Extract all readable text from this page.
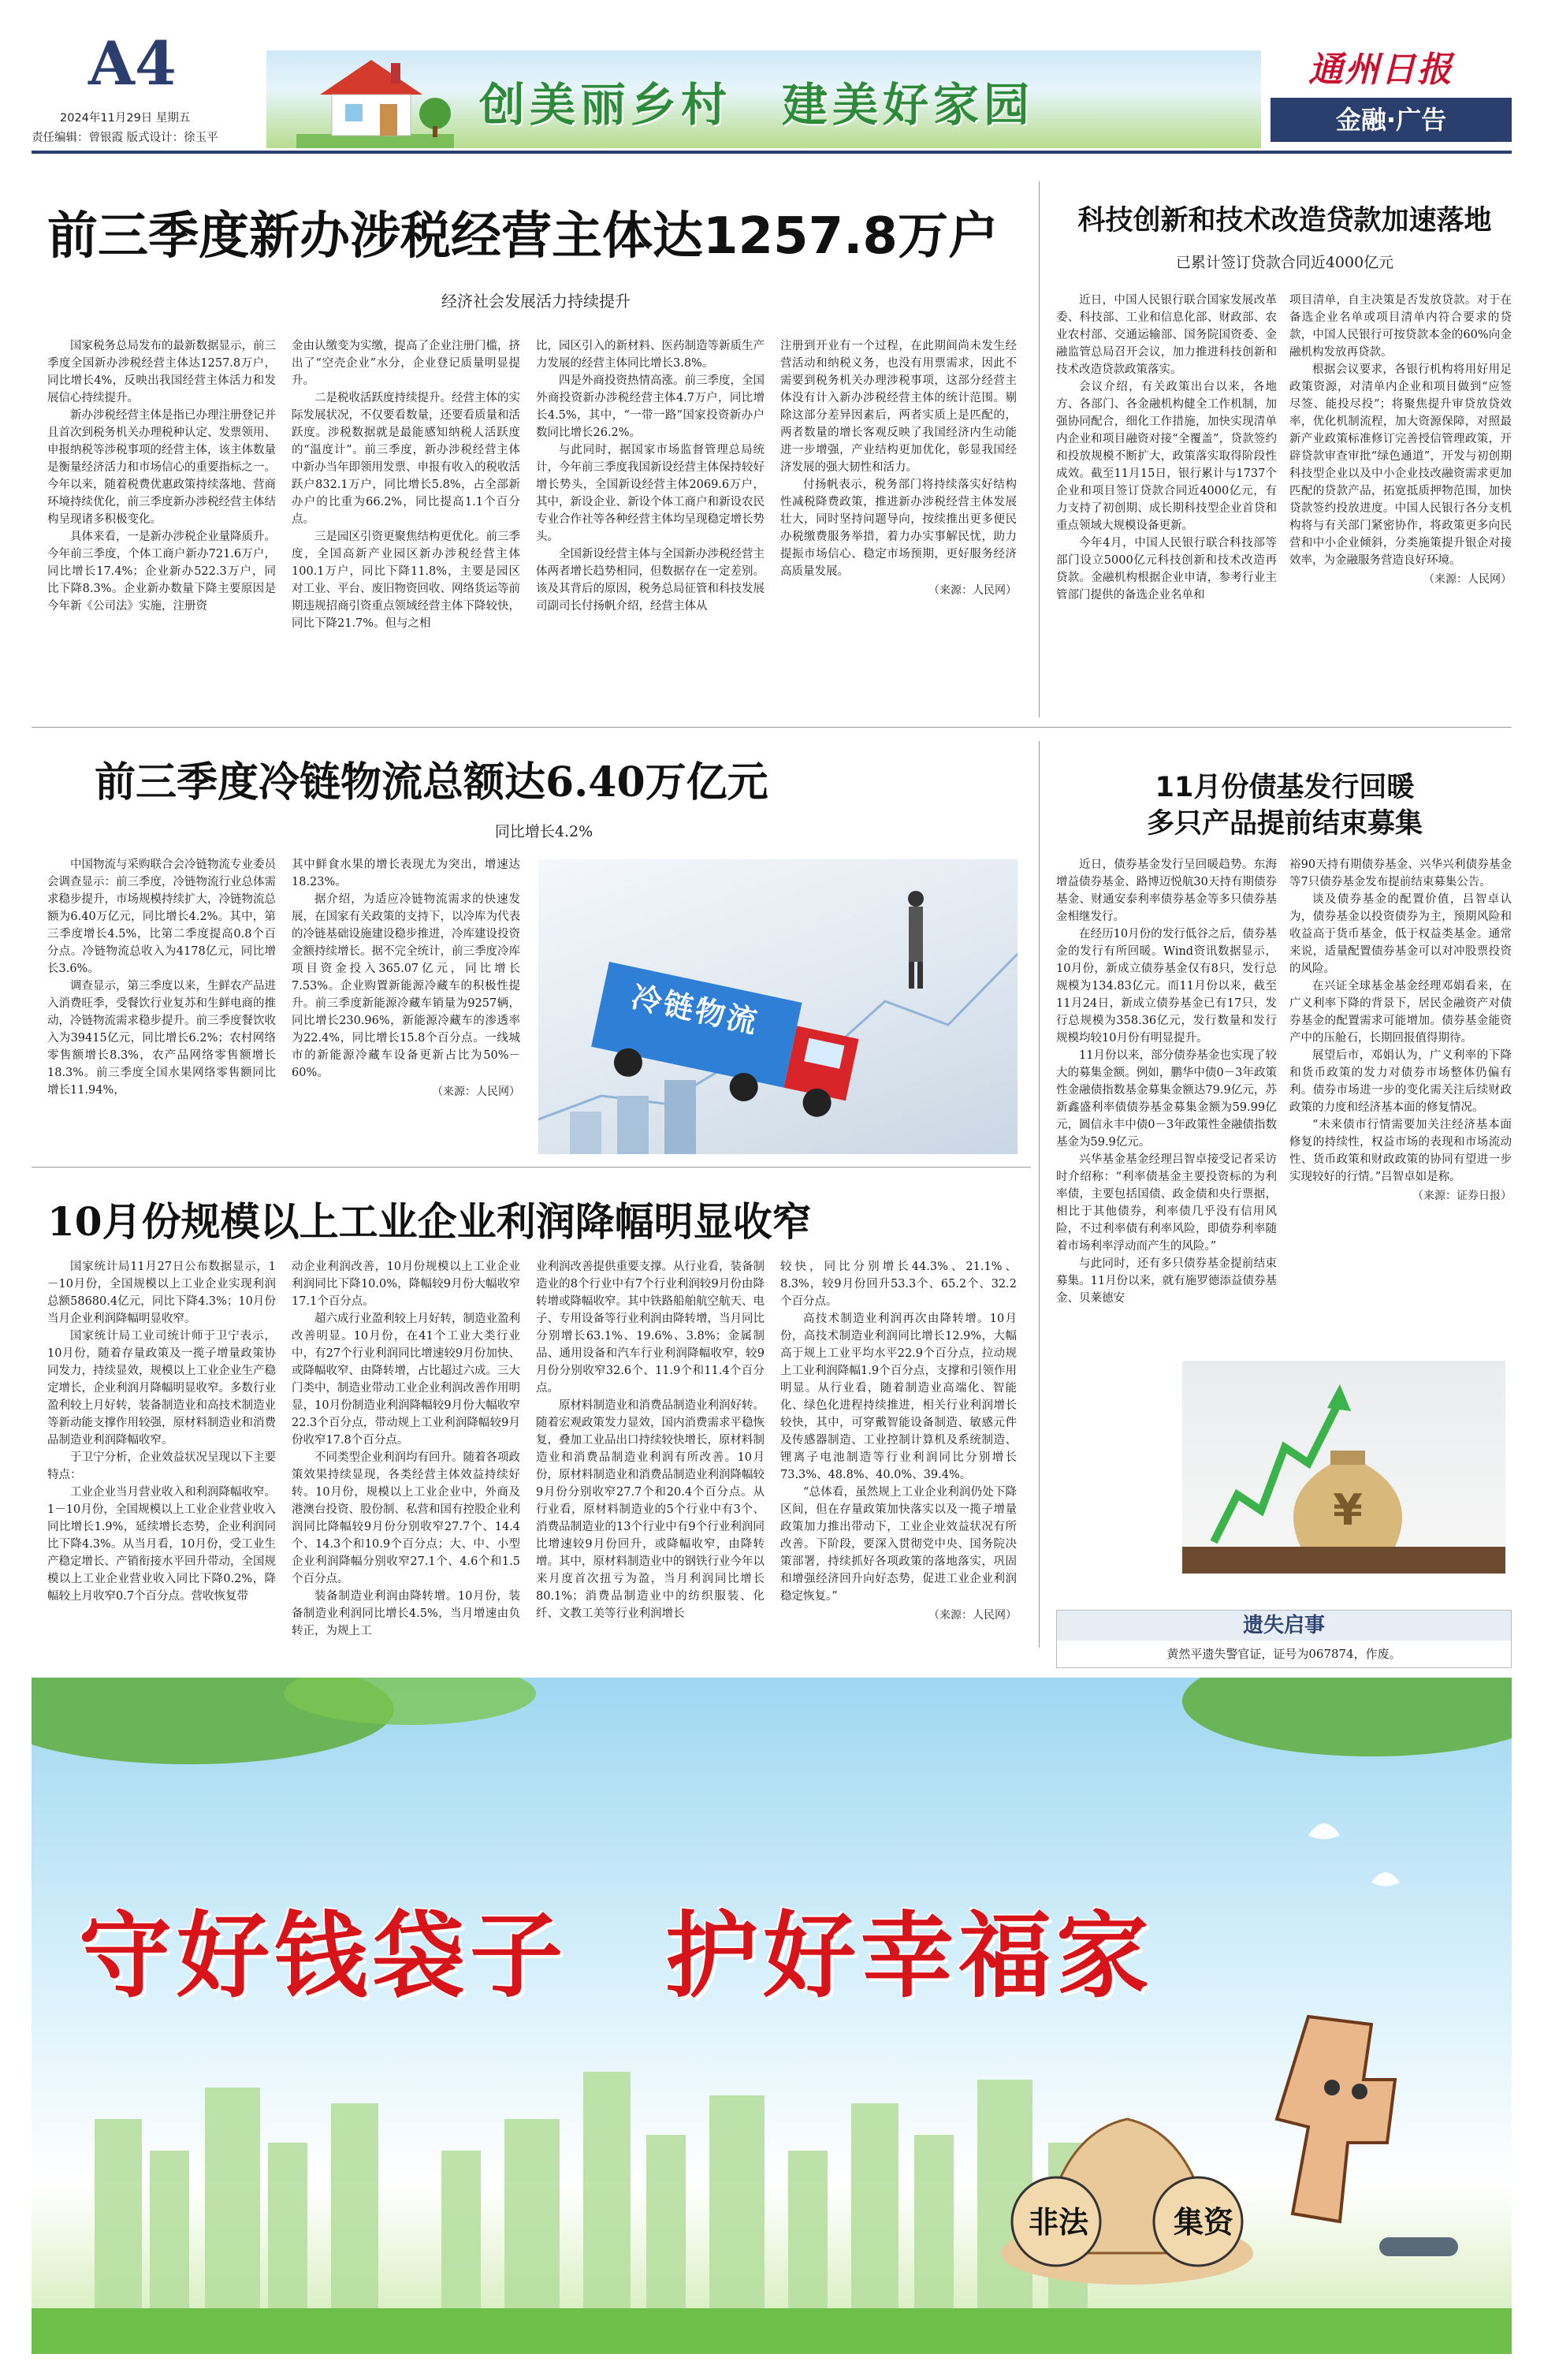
A4
2024年11月29日 星期五
责任编辑：曾银霞 版式设计：徐玉平
创美丽乡村　建美好家园
通州日报
金融·广告
前三季度新办涉税经营主体达1257.8万户
经济社会发展活力持续提升

国家税务总局发布的最新数据显示，前三季度全国新办涉税经营主体达1257.8万户，同比增长4%，反映出我国经营主体活力和发展信心持续提升。

新办涉税经营主体是指已办理注册登记并且首次到税务机关办理税种认定、发票领用、申报纳税等涉税事项的经营主体，该主体数量是衡量经济活力和市场信心的重要指标之一。今年以来，随着税费优惠政策持续落地、营商环境持续优化，前三季度新办涉税经营主体结构呈现诸多积极变化。

具体来看，一是新办涉税企业量降质升。今年前三季度，个体工商户新办721.6万户，同比增长17.4%；企业新办522.3万户，同比下降8.3%。企业新办数量下降主要原因是今年新《公司法》实施，注册资

金由认缴变为实缴，提高了企业注册门槛，挤出了“空壳企业”水分，企业登记质量明显提升。

二是税收活跃度持续提升。经营主体的实际发展状况，不仅要看数量，还要看质量和活跃度。涉税数据就是最能感知纳税人活跃度的“温度计”。前三季度，新办涉税经营主体中新办当年即领用发票、申报有收入的税收活跃户832.1万户，同比增长5.8%，占全部新办户的比重为66.2%，同比提高1.1个百分点。

三是园区引资更聚焦结构更优化。前三季度，全国高新产业园区新办涉税经营主体100.1万户，同比下降11.8%，主要是园区对工业、平台、废旧物资回收、网络货运等前期违规招商引资重点领域经营主体下降较快，同比下降21.7%。但与之相

比，园区引入的新材料、医药制造等新质生产力发展的经营主体同比增长3.8%。

四是外商投资热情高涨。前三季度，全国外商投资新办涉税经营主体4.7万户，同比增长4.5%，其中，“一带一路”国家投资新办户数同比增长26.2%。

与此同时，据国家市场监督管理总局统计，今年前三季度我国新设经营主体保持较好增长势头，全国新设经营主体2069.6万户，其中，新设企业、新设个体工商户和新设农民专业合作社等各种经营主体均呈现稳定增长势头。

全国新设经营主体与全国新办涉税经营主体两者增长趋势相同，但数据存在一定差别。该及其背后的原因，税务总局征管和科技发展司副司长付扬帆介绍，经营主体从

注册到开业有一个过程，在此期间尚未发生经营活动和纳税义务，也没有用票需求，因此不需要到税务机关办理涉税事项，这部分经营主体没有计入新办涉税经营主体的统计范围。剔除这部分差异因素后，两者实质上是匹配的，两者数量的增长客观反映了我国经济内生动能进一步增强，产业结构更加优化，彰显我国经济发展的强大韧性和活力。

付扬帆表示，税务部门将持续落实好结构性减税降费政策，推进新办涉税经营主体发展壮大，同时坚持问题导向，按续推出更多便民办税缴费服务举措，着力办实事解民忧，助力提振市场信心、稳定市场预期，更好服务经济高质量发展。

（来源：人民网）
科技创新和技术改造贷款加速落地
已累计签订贷款合同近4000亿元

近日，中国人民银行联合国家发展改革委、科技部、工业和信息化部、财政部、农业农村部、交通运输部、国务院国资委、金融监管总局召开会议，加力推进科技创新和技术改造贷款政策落实。

会议介绍，有关政策出台以来，各地方、各部门、各金融机构健全工作机制，加强协同配合，细化工作措施，加快实现清单内企业和项目融资对接“全覆盖”，贷款签约和投放规模不断扩大，政策落实取得阶段性成效。截至11月15日，银行累计与1737个企业和项目签订贷款合同近4000亿元，有力支持了初创期、成长期科技型企业首贷和重点领域大规模设备更新。

今年4月，中国人民银行联合科技部等部门设立5000亿元科技创新和技术改造再贷款。金融机构根据企业申请，参考行业主管部门提供的备选企业名单和

项目清单，自主决策是否发放贷款。对于在备选企业名单或项目清单内符合要求的贷款，中国人民银行可按贷款本金的60%向金融机构发放再贷款。

根据会议要求，各银行机构将用好用足政策资源，对清单内企业和项目做到“应签尽签、能投尽投”；将聚焦提升审贷放贷效率，优化机制流程，加大资源保障，对照最新产业政策标准修订完善授信管理政策，开辟贷款审查审批“绿色通道”，开发与初创期科技型企业以及中小企业技改融资需求更加匹配的贷款产品，拓宽抵质押物范围，加快贷款签约投放进度。中国人民银行各分支机构将与有关部门紧密协作，将政策更多向民营和中小企业倾斜，分类施策提升银企对接效率，为金融服务营造良好环境。

（来源：人民网）
前三季度冷链物流总额达6.40万亿元
同比增长4.2%

中国物流与采购联合会冷链物流专业委员会调查显示：前三季度，冷链物流行业总体需求稳步提升，市场规模持续扩大，冷链物流总额为6.40万亿元，同比增长4.2%。其中，第三季度增长4.5%，比第二季度提高0.8个百分点。冷链物流总收入为4178亿元，同比增长3.6%。

调查显示，第三季度以来，生鲜农产品进入消费旺季，受餐饮行业复苏和生鲜电商的推动，冷链物流需求稳步提升。前三季度餐饮收入为39415亿元，同比增长6.2%；农村网络零售额增长8.3%，农产品网络零售额增长18.3%。前三季度全国水果网络零售额同比增长11.94%，

其中鲜食水果的增长表现尤为突出，增速达18.23%。

据介绍，为适应冷链物流需求的快速发展，在国家有关政策的支持下，以冷库为代表的冷链基础设施建设稳步推进，冷库建设投资金额持续增长。据不完全统计，前三季度冷库项目资金投入365.07亿元，同比增长7.53%。企业购置新能源冷藏车的积极性提升。前三季度新能源冷藏车销量为9257辆，同比增长230.96%，新能源冷藏车的渗透率为22.4%，同比增长15.8个百分点。一线城市的新能源冷藏车设备更新占比为50%－60%。

（来源：人民网）
冷链物流
11月份债基发行回暖
多只产品提前结束募集

近日，债券基金发行呈回暖趋势。东海增益债券基金、路博迈悦航30天持有期债券基金、财通安泰利率债券基金等多只债券基金相继发行。

在经历10月份的发行低谷之后，债券基金的发行有所回暖。Wind资讯数据显示，10月份，新成立债券基金仅有8只，发行总规模为134.83亿元。而11月份以来，截至11月24日，新成立债券基金已有17只，发行总规模为358.36亿元，发行数量和发行规模均较10月份有明显提升。

11月份以来，部分债券基金也实现了较大的募集金额。例如，鹏华中债0－3年政策性金融债指数基金募集金额达79.9亿元，苏新鑫盛利率债债券基金募集金额为59.99亿元，圆信永丰中债0－3年政策性金融债指数基金为59.9亿元。

兴华基金基金经理吕智卓接受记者采访时介绍称：“利率债基金主要投资标的为利率债，主要包括国债、政金债和央行票据，相比于其他债券，利率债几乎没有信用风险，不过利率债有利率风险，即债券利率随着市场利率浮动而产生的风险。”

与此同时，还有多只债券基金提前结束募集。11月份以来，就有施罗德添益债券基金、贝莱德安

裕90天持有期债券基金、兴华兴利债券基金等7只债券基金发布提前结束募集公告。

谈及债券基金的配置价值，吕智卓认为，债券基金以投资债券为主，预期风险和收益高于货币基金，低于权益类基金。通常来说，适量配置债券基金可以对冲股票投资的风险。

在兴证全球基金基金经理邓娟看来，在广义利率下降的背景下，居民金融资产对债券基金的配置需求可能增加。债券基金能资产中的压舱石，长期回报值得期待。

展望后市，邓娟认为，广义利率的下降和货币政策的发力对债券市场整体仍偏有利。债券市场进一步的变化需关注后续财政政策的力度和经济基本面的修复情况。

“未来债市行情需要加关注经济基本面修复的持续性，权益市场的表现和市场流动性、货币政策和财政政策的协同有望进一步实现较好的行情。”吕智卓如是称。

（来源：证券日报）
¥
10月份规模以上工业企业利润降幅明显收窄

国家统计局11月27日公布数据显示，1－10月份，全国规模以上工业企业实现利润总额58680.4亿元，同比下降4.3%；10月份当月企业利润降幅明显收窄。

国家统计局工业司统计师于卫宁表示，10月份，随着存量政策及一揽子增量政策协同发力，持续显效，规模以上工业企业生产稳定增长，企业利润月降幅明显收窄。多数行业盈利较上月好转，装备制造业和高技术制造业等新动能支撑作用较强，原材料制造业和消费品制造业利润降幅收窄。

于卫宁分析，企业效益状况呈现以下主要特点：

工业企业当月营业收入和利润降幅收窄。1－10月份，全国规模以上工业企业营业收入同比增长1.9%，延续增长态势，企业利润同比下降4.3%。从当月看，10月份，受工业生产稳定增长、产销衔接水平回升带动，全国规模以上工业企业营业收入同比下降0.2%，降幅较上月收窄0.7个百分点。营收恢复带

动企业利润改善，10月份规模以上工业企业利润同比下降10.0%，降幅较9月份大幅收窄17.1个百分点。

超六成行业盈利较上月好转，制造业盈利改善明显。10月份，在41个工业大类行业中，有27个行业利润同比增速较9月份加快、或降幅收窄、由降转增，占比超过六成。三大门类中，制造业带动工业企业利润改善作用明显，10月份制造业利润降幅较9月份大幅收窄22.3个百分点，带动规上工业利润降幅较9月份收窄17.8个百分点。

不同类型企业利润均有回升。随着各项政策效果持续显现，各类经营主体效益持续好转。10月份，规模以上工业企业中，外商及港澳台投资、股份制、私营和国有控股企业利润同比降幅较9月份分别收窄27.7个、14.4个、14.3个和10.9个百分点；大、中、小型企业利润降幅分别收窄27.1个、4.6个和1.5个百分点。

装备制造业利润由降转增。10月份，装备制造业利润同比增长4.5%，当月增速由负转正，为规上工

业利润改善提供重要支撑。从行业看，装备制造业的8个行业中有7个行业利润较9月份由降转增或降幅收窄。其中铁路船舶航空航天、电子、专用设备等行业利润由降转增，当月同比分别增长63.1%、19.6%、3.8%；金属制品、通用设备和汽车行业利润降幅收窄，较9月份分别收窄32.6个、11.9个和11.4个百分点。

原材料制造业和消费品制造业利润好转。随着宏观政策发力显效，国内消费需求平稳恢复，叠加工业品出口持续较快增长，原材料制造业和消费品制造业利润有所改善。10月份，原材料制造业和消费品制造业利润降幅较9月份分别收窄27.7个和20.4个百分点。从行业看，原材料制造业的5个行业中有3个、消费品制造业的13个行业中有9个行业利润同比增速较9月份回升，或降幅收窄，由降转增。其中，原材料制造业中的钢铁行业今年以来月度首次扭亏为盈，当月利润同比增长80.1%；消费品制造业中的纺织服装、化纤、文教工美等行业利润增长

较快，同比分别增长44.3%、21.1%、8.3%，较9月份回升53.3个、65.2个、32.2个百分点。

高技术制造业利润再次由降转增。10月份，高技术制造业利润同比增长12.9%，大幅高于规上工业平均水平22.9个百分点，拉动规上工业利润降幅1.9个百分点，支撑和引领作用明显。从行业看，随着制造业高端化、智能化、绿色化进程持续推进，相关行业利润增长较快，其中，可穿戴智能设备制造、敏感元件及传感器制造、工业控制计算机及系统制造、锂离子电池制造等行业利润同比分别增长73.3%、48.8%、40.0%、39.4%。

“总体看，虽然规上工业企业利润仍处下降区间，但在存量政策加快落实以及一揽子增量政策加力推出带动下，工业企业效益状况有所改善。下阶段，要深入贯彻党中央、国务院决策部署，持续抓好各项政策的落地落实，巩固和增强经济回升向好态势，促进工业企业利润稳定恢复。”

（来源：人民网）	遗失启事
黄然平遗失警官证，证号为067874，作废。
守好钱袋子　护好幸福家
非法	集资
